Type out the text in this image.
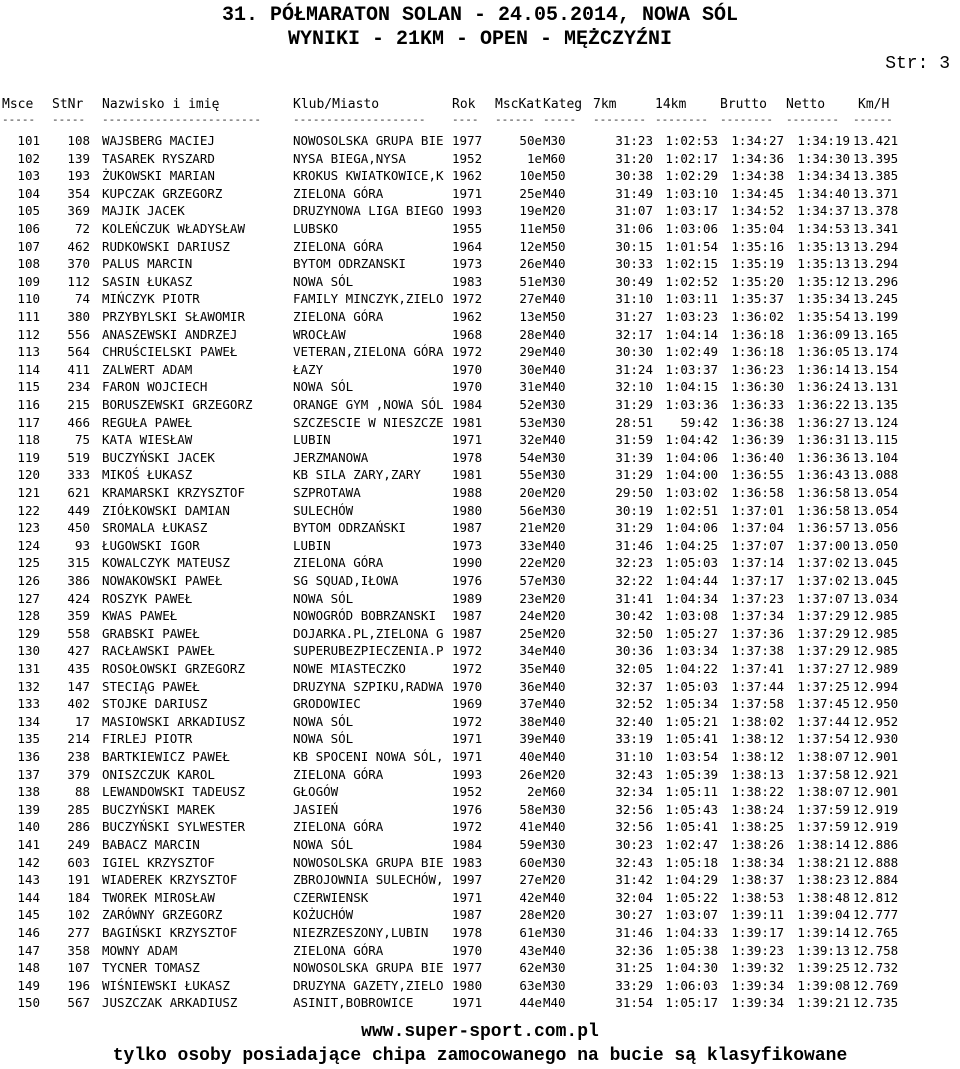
31. PÓŁMARATON SOLAN - 24.05.2014, NOWA SÓL
WYNIKI - 21KM - OPEN - MĘŻCZYŹNI
Str: 3
Msce StNr Nazwisko i imię	Klub/Miasto	Rok MscKat Kateg 7km	14km	Brutto Netto	Km/H
----- ----- ------------------------	-------------------- ---- ------ ----- -------- -------- -------- -------- ------
101	108 WAJSBERG MACIEJ	NOWOSOLSKA GRUPA BIE 1977	50e M30	31:23 1:02:53	1:34:27	1:34:19 13.421
102	139 TASAREK RYSZARD	NYSA BIEGA,NYSA	1952	1e M60	31:20 1:02:17	1:34:36	1:34:30 13.395
103	193 ŻUKOWSKI MARIAN	KROKUS KWIATKOWICE,K 1962	10e M50	30:38 1:02:29	1:34:38	1:34:34 13.385
104	354 KUPCZAK GRZEGORZ	ZIELONA GÓRA	1971	25e M40	31:49 1:03:10	1:34:45	1:34:40 13.371
105	369 MAJIK JACEK	DRUZYNOWA LIGA BIEGO 1993	19e M20	31:07 1:03:17	1:34:52	1:34:37 13.378
106	72 KOLEŃCZUK WŁADYSŁAW	LUBSKO	1955	11e M50	31:06 1:03:06	1:35:04	1:34:53 13.341
107	462 RUDKOWSKI DARIUSZ	ZIELONA GÓRA	1964	12e M50	30:15 1:01:54	1:35:16	1:35:13 13.294
108	370 PALUS MARCIN	BYTOM ODRZANSKI	1973	26e M40	30:33 1:02:15	1:35:19	1:35:13 13.294
109	112 SASIN ŁUKASZ	NOWA SÓL	1983	51e M30	30:49 1:02:52	1:35:20	1:35:12 13.296
110	74 MIŃCZYK PIOTR	FAMILY MINCZYK,ZIELO 1972	27e M40	31:10 1:03:11	1:35:37	1:35:34 13.245
111	380 PRZYBYLSKI SŁAWOMIR	ZIELONA GÓRA	1962	13e M50	31:27 1:03:23	1:36:02	1:35:54 13.199
112	556 ANASZEWSKI ANDRZEJ	WROCŁAW	1968	28e M40	32:17 1:04:14	1:36:18	1:36:09 13.165
113	564 CHRUŚCIELSKI PAWEŁ	VETERAN,ZIELONA GÓRA 1972	29e M40	30:30 1:02:49	1:36:18	1:36:05 13.174
114	411 ZALWERT ADAM	ŁAZY	1970	30e M40	31:24 1:03:37	1:36:23	1:36:14 13.154
115	234 FARON WOJCIECH	NOWA SÓL	1970	31e M40	32:10 1:04:15	1:36:30	1:36:24 13.131
116	215 BORUSZEWSKI GRZEGORZ	ORANGE GYM ,NOWA SÓL 1984	52e M30	31:29 1:03:36	1:36:33	1:36:22 13.135
117	466 REGUŁA PAWEŁ	SZCZESCIE W NIESZCZE 1981	53e M30	28:51	59:42	1:36:38	1:36:27 13.124
118	75 KATA WIESŁAW	LUBIN	1971	32e M40	31:59 1:04:42	1:36:39	1:36:31 13.115
119	519 BUCZYŃSKI JACEK	JERZMANOWA	1978	54e M30	31:39 1:04:06	1:36:40	1:36:36 13.104
120	333 MIKOŚ ŁUKASZ	KB SILA ZARY,ZARY	1981	55e M30	31:29 1:04:00	1:36:55	1:36:43 13.088
121	621 KRAMARSKI KRZYSZTOF	SZPROTAWA	1988	20e M20	29:50 1:03:02	1:36:58	1:36:58 13.054
122	449 ZIÓŁKOWSKI DAMIAN	SULECHÓW	1980	56e M30	30:19 1:02:51	1:37:01	1:36:58 13.054
123	450 SROMALA ŁUKASZ	BYTOM ODRZAŃSKI	1987	21e M20	31:29 1:04:06	1:37:04	1:36:57 13.056
124	93 ŁUGOWSKI IGOR	LUBIN	1973	33e M40	31:46 1:04:25	1:37:07	1:37:00 13.050
125	315 KOWALCZYK MATEUSZ	ZIELONA GÓRA	1990	22e M20	32:23 1:05:03	1:37:14	1:37:02 13.045
126	386 NOWAKOWSKI PAWEŁ	SG SQUAD,IŁOWA	1976	57e M30	32:22 1:04:44	1:37:17	1:37:02 13.045
127	424 ROSZYK PAWEŁ	NOWA SÓL	1989	23e M20	31:41 1:04:34	1:37:23	1:37:07 13.034
128	359 KWAS PAWEŁ	NOWOGRÓD BOBRZANSKI	1987	24e M20	30:42 1:03:08	1:37:34	1:37:29 12.985
129	558 GRABSKI PAWEŁ	DOJARKA.PL,ZIELONA G 1987	25e M20	32:50 1:05:27	1:37:36	1:37:29 12.985
130	427 RACŁAWSKI PAWEŁ	SUPERUBEZPIECZENIA.P 1972	34e M40	30:36 1:03:34	1:37:38	1:37:29 12.985
131	435 ROSOŁOWSKI GRZEGORZ	NOWE MIASTECZKO	1972	35e M40	32:05 1:04:22	1:37:41	1:37:27 12.989
132	147 STECIĄG PAWEŁ	DRUZYNA SZPIKU,RADWA 1970	36e M40	32:37 1:05:03	1:37:44	1:37:25 12.994
133	402 STOJKE DARIUSZ	GRODOWIEC	1969	37e M40	32:52 1:05:34	1:37:58	1:37:45 12.950
134	17 MASIOWSKI ARKADIUSZ	NOWA SÓL	1972	38e M40	32:40 1:05:21	1:38:02	1:37:44 12.952
135	214 FIRLEJ PIOTR	NOWA SÓL	1971	39e M40	33:19 1:05:41	1:38:12	1:37:54 12.930
136	238 BARTKIEWICZ PAWEŁ	KB SPOCENI NOWA SÓL, 1971	40e M40	31:10 1:03:54	1:38:12	1:38:07 12.901
137	379 ONISZCZUK KAROL	ZIELONA GÓRA	1993	26e M20	32:43 1:05:39	1:38:13	1:37:58 12.921
138	88 LEWANDOWSKI TADEUSZ	GŁOGÓW	1952	2e M60	32:34 1:05:11	1:38:22	1:38:07 12.901
139	285 BUCZYŃSKI MAREK	JASIEŃ	1976	58e M30	32:56 1:05:43	1:38:24	1:37:59 12.919
140	286 BUCZYŃSKI SYLWESTER	ZIELONA GÓRA	1972	41e M40	32:56 1:05:41	1:38:25	1:37:59 12.919
141	249 BABACZ MARCIN	NOWA SÓL	1984	59e M30	30:23 1:02:47	1:38:26	1:38:14 12.886
142	603 IGIEL KRZYSZTOF	NOWOSOLSKA GRUPA BIE 1983	60e M30	32:43 1:05:18	1:38:34	1:38:21 12.888
143	191 WIADEREK KRZYSZTOF	ZBROJOWNIA SULECHÓW, 1997	27e M20	31:42 1:04:29	1:38:37	1:38:23 12.884
144	184 TWOREK MIROSŁAW	CZERWIENSK	1971	42e M40	32:04 1:05:22	1:38:53	1:38:48 12.812
145	102 ZARÓWNY GRZEGORZ	KOŻUCHÓW	1987	28e M20	30:27 1:03:07	1:39:11	1:39:04 12.777
146	277 BAGIŃSKI KRZYSZTOF	NIEZRZESZONY,LUBIN	1978	61e M30	31:46 1:04:33	1:39:17	1:39:14 12.765
147	358 MOWNY ADAM	ZIELONA GÓRA	1970	43e M40	32:36 1:05:38	1:39:23	1:39:13 12.758
148	107 TYCNER TOMASZ	NOWOSOLSKA GRUPA BIE 1977	62e M30	31:25 1:04:30	1:39:32	1:39:25 12.732
149	196 WIŚNIEWSKI ŁUKASZ	DRUZYNA GAZETY,ZIELO 1980	63e M30	33:29 1:06:03	1:39:34	1:39:08 12.769
150	567 JUSZCZAK ARKADIUSZ	ASINIT,BOBROWICE	1971	44e M40	31:54 1:05:17	1:39:34	1:39:21 12.735
www.super-sport.com.pl
tylko osoby posiadające chipa zamocowanego na bucie są klasyfikowane
